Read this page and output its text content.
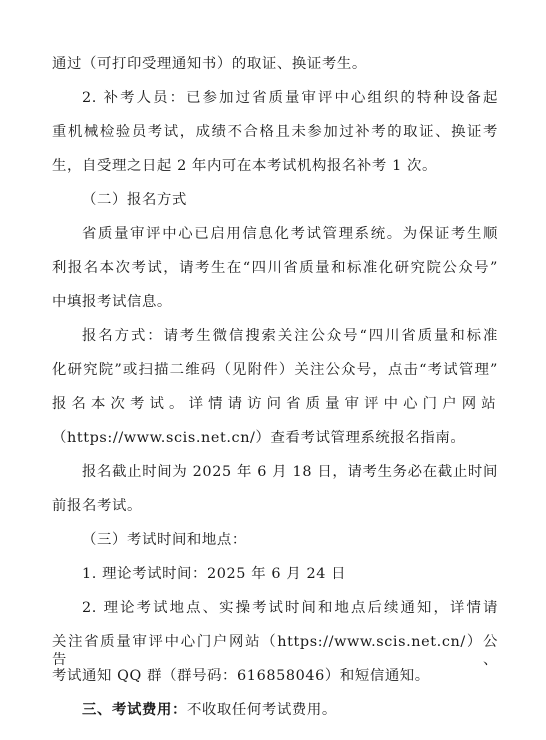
通过（可打印受理通知书）的取证、换证考生。
2. 补考人员：已参加过省质量审评中心组织的特种设备起
重机械检验员考试，成绩不合格且未参加过补考的取证、换证考
生，自受理之日起 2 年内可在本考试机构报名补考 1 次。
（二）报名方式
省质量审评中心已启用信息化考试管理系统。为保证考生顺
利报名本次考试，请考生在“四川省质量和标准化研究院公众号”
中填报考试信息。
报名方式：请考生微信搜索关注公众号“四川省质量和标准
化研究院”或扫描二维码（见附件）关注公众号，点击“考试管理”
报名本次考试。详情请访问省质量审评中心门户网站
（https://www.scis.net.cn/）查看考试管理系统报名指南。
报名截止时间为 2025 年 6 月 18 日，请考生务必在截止时间
前报名考试。
（三）考试时间和地点：
1. 理论考试时间：2025 年 6 月 24 日
2. 理论考试地点、实操考试时间和地点后续通知，详情请
关注省质量审评中心门户网站（https://www.scis.net.cn/）公告、
考试通知 QQ 群（群号码：616858046）和短信通知。
三、考试费用：不收取任何考试费用。
